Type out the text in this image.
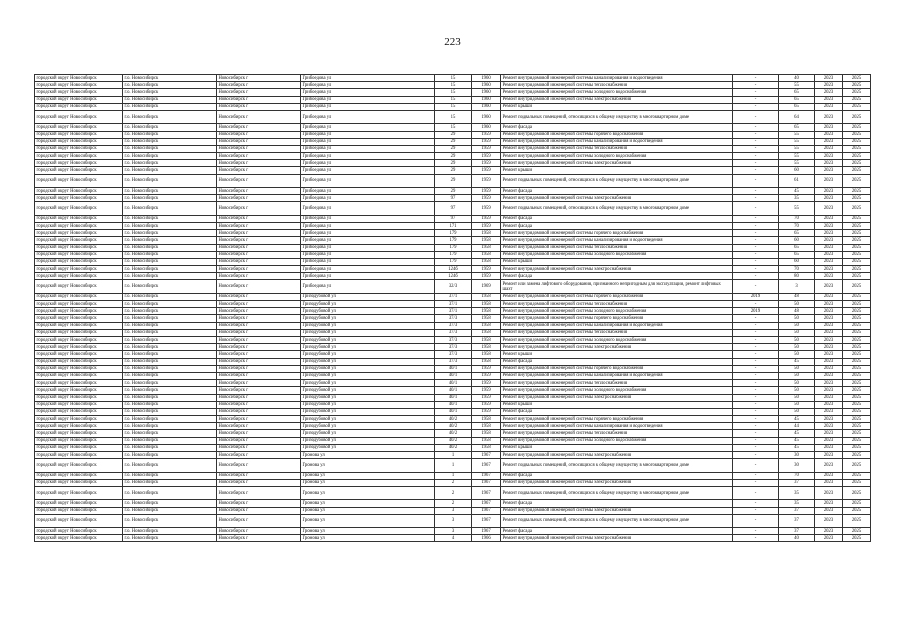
223
городской округ Новосибирск	г.о. Новосибирск	Новосибирск г	Грибоедова ул	15	1960	Ремонт внутридомовой инженерной системы канализирования и водоотведения	-	40	2023	2025
городской округ Новосибирск	г.о. Новосибирск	Новосибирск г	Грибоедова ул	15	1960	Ремонт внутридомовой инженерной системы теплоснабжения	-	55	2023	2025
городской округ Новосибирск	г.о. Новосибирск	Новосибирск г	Грибоедова ул	15	1960	Ремонт внутридомовой инженерной системы холодного водоснабжения	-	65	2023	2025
городской округ Новосибирск	г.о. Новосибирск	Новосибирск г	Грибоедова ул	15	1960	Ремонт внутридомовой инженерной системы электроснабжения	-	65	2023	2025
городской округ Новосибирск	г.о. Новосибирск	Новосибирск г	Грибоедова ул	15	1960	Ремонт крыши	-	65	2023	2025
городской округ Новосибирск	г.о. Новосибирск	Новосибирск г	Грибоедова ул	15	1960	Ремонт подвальных помещений, относящихся к общему имуществу в многоквартирном доме	-	64	2023	2025
городской округ Новосибирск	г.о. Новосибирск	Новосибирск г	Грибоедова ул	15	1960	Ремонт фасада	-	65	2023	2025
городской округ Новосибирск	г.о. Новосибирск	Новосибирск г	Грибоедова ул	29	1959	Ремонт внутридомовой инженерной системы горячего водоснабжения	-	55	2023	2025
городской округ Новосибирск	г.о. Новосибирск	Новосибирск г	Грибоедова ул	29	1959	Ремонт внутридомовой инженерной системы канализирования и водоотведения	-	55	2023	2025
городской округ Новосибирск	г.о. Новосибирск	Новосибирск г	Грибоедова ул	29	1959	Ремонт внутридомовой инженерной системы теплоснабжения	-	55	2023	2025
городской округ Новосибирск	г.о. Новосибирск	Новосибирск г	Грибоедова ул	29	1959	Ремонт внутридомовой инженерной системы холодного водоснабжения	-	55	2023	2025
городской округ Новосибирск	г.о. Новосибирск	Новосибирск г	Грибоедова ул	29	1959	Ремонт внутридомовой инженерной системы электроснабжения	-	55	2023	2025
городской округ Новосибирск	г.о. Новосибирск	Новосибирск г	Грибоедова ул	29	1959	Ремонт крыши	-	60	2023	2025
городской округ Новосибирск	г.о. Новосибирск	Новосибирск г	Грибоедова ул	29	1959	Ремонт подвальных помещений, относящихся к общему имуществу в многоквартирном доме	-	61	2023	2025
городской округ Новосибирск	г.о. Новосибирск	Новосибирск г	Грибоедова ул	29	1959	Ремонт фасада	-	45	2023	2025
городской округ Новосибирск	г.о. Новосибирск	Новосибирск г	Грибоедова ул	97	1959	Ремонт внутридомовой инженерной системы электроснабжения	-	35	2023	2025
городской округ Новосибирск	г.о. Новосибирск	Новосибирск г	Грибоедова ул	97	1959	Ремонт подвальных помещений, относящихся к общему имуществу в многоквартирном доме	-	55	2023	2025
городской округ Новосибирск	г.о. Новосибирск	Новосибирск г	Грибоедова ул	97	1959	Ремонт фасада	-	70	2023	2025
городской округ Новосибирск	г.о. Новосибирск	Новосибирск г	Грибоедова ул	171	1959	Ремонт фасада	-	70	2023	2025
городской округ Новосибирск	г.о. Новосибирск	Новосибирск г	Грибоедова ул	179	1958	Ремонт внутридомовой инженерной системы горячего водоснабжения	-	65	2023	2025
городской округ Новосибирск	г.о. Новосибирск	Новосибирск г	Грибоедова ул	179	1958	Ремонт внутридомовой инженерной системы канализирования и водоотведения	-	60	2023	2025
городской округ Новосибирск	г.о. Новосибирск	Новосибирск г	Грибоедова ул	179	1958	Ремонт внутридомовой инженерной системы теплоснабжения	-	65	2023	2025
городской округ Новосибирск	г.о. Новосибирск	Новосибирск г	Грибоедова ул	179	1958	Ремонт внутридомовой инженерной системы холодного водоснабжения	-	65	2023	2025
городской округ Новосибирск	г.о. Новосибирск	Новосибирск г	Грибоедова ул	179	1958	Ремонт крыши	-	60	2023	2025
городской округ Новосибирск	г.о. Новосибирск	Новосибирск г	Грибоедова ул	124б	1959	Ремонт внутридомовой инженерной системы электроснабжения	-	70	2023	2025
городской округ Новосибирск	г.о. Новосибирск	Новосибирск г	Грибоедова ул	124б	1959	Ремонт фасада	-	80	2023	2025
городской округ Новосибирск	г.о. Новосибирск	Новосибирск г	Грибоедова ул	32/3	1969	Ремонт или замена лифтового оборудования, признанного непригодным для эксплуатации, ремонт лифтовых шахт	-	3	2023	2025
городской округ Новосибирск	г.о. Новосибирск	Новосибирск г	Гризодубовой ул	37/1	1958	Ремонт внутридомовой инженерной системы горячего водоснабжения	2019	48	2023	2025
городской округ Новосибирск	г.о. Новосибирск	Новосибирск г	Гризодубовой ул	37/1	1958	Ремонт внутридомовой инженерной системы теплоснабжения	-	50	2023	2025
городской округ Новосибирск	г.о. Новосибирск	Новосибирск г	Гризодубовой ул	37/1	1958	Ремонт внутридомовой инженерной системы холодного водоснабжения	2019	48	2023	2025
городской округ Новосибирск	г.о. Новосибирск	Новосибирск г	Гризодубовой ул	37/3	1958	Ремонт внутридомовой инженерной системы горячего водоснабжения	-	50	2023	2025
городской округ Новосибирск	г.о. Новосибирск	Новосибирск г	Гризодубовой ул	37/3	1958	Ремонт внутридомовой инженерной системы канализирования и водоотведения	-	50	2023	2025
городской округ Новосибирск	г.о. Новосибирск	Новосибирск г	Гризодубовой ул	37/3	1958	Ремонт внутридомовой инженерной системы теплоснабжения	-	50	2023	2025
городской округ Новосибирск	г.о. Новосибирск	Новосибирск г	Гризодубовой ул	37/3	1958	Ремонт внутридомовой инженерной системы холодного водоснабжения	-	50	2023	2025
городской округ Новосибирск	г.о. Новосибирск	Новосибирск г	Гризодубовой ул	37/3	1958	Ремонт внутридомовой инженерной системы электроснабжения	-	50	2023	2025
городской округ Новосибирск	г.о. Новосибирск	Новосибирск г	Гризодубовой ул	37/3	1958	Ремонт крыши	-	50	2023	2025
городской округ Новосибирск	г.о. Новосибирск	Новосибирск г	Гризодубовой ул	37/3	1958	Ремонт фасада	-	45	2023	2025
городской округ Новосибирск	г.о. Новосибирск	Новосибирск г	Гризодубовой ул	40/1	1959	Ремонт внутридомовой инженерной системы горячего водоснабжения	-	50	2023	2025
городской округ Новосибирск	г.о. Новосибирск	Новосибирск г	Гризодубовой ул	40/1	1959	Ремонт внутридомовой инженерной системы канализирования и водоотведения	-	50	2023	2025
городской округ Новосибирск	г.о. Новосибирск	Новосибирск г	Гризодубовой ул	40/1	1959	Ремонт внутридомовой инженерной системы теплоснабжения	-	50	2023	2025
городской округ Новосибирск	г.о. Новосибирск	Новосибирск г	Гризодубовой ул	40/1	1959	Ремонт внутридомовой инженерной системы холодного водоснабжения	-	50	2023	2025
городской округ Новосибирск	г.о. Новосибирск	Новосибирск г	Гризодубовой ул	40/1	1959	Ремонт внутридомовой инженерной системы электроснабжения	-	50	2023	2025
городской округ Новосибирск	г.о. Новосибирск	Новосибирск г	Гризодубовой ул	40/1	1959	Ремонт крыши	-	50	2023	2025
городской округ Новосибирск	г.о. Новосибирск	Новосибирск г	Гризодубовой ул	40/1	1959	Ремонт фасада	-	50	2023	2025
городской округ Новосибирск	г.о. Новосибирск	Новосибирск г	Гризодубовой ул	40/2	1958	Ремонт внутридомовой инженерной системы горячего водоснабжения	-	45	2023	2025
городской округ Новосибирск	г.о. Новосибирск	Новосибирск г	Гризодубовой ул	40/2	1958	Ремонт внутридомовой инженерной системы канализирования и водоотведения	-	44	2023	2025
городской округ Новосибирск	г.о. Новосибирск	Новосибирск г	Гризодубовой ул	40/2	1958	Ремонт внутридомовой инженерной системы теплоснабжения	-	45	2023	2025
городской округ Новосибирск	г.о. Новосибирск	Новосибирск г	Гризодубовой ул	40/2	1958	Ремонт внутридомовой инженерной системы холодного водоснабжения	-	45	2023	2025
городской округ Новосибирск	г.о. Новосибирск	Новосибирск г	Гризодубовой ул	40/2	1958	Ремонт крыши	-	45	2023	2025
городской округ Новосибирск	г.о. Новосибирск	Новосибирск г	Громова ул	1	1967	Ремонт внутридомовой инженерной системы электроснабжения	-	30	2023	2025
городской округ Новосибирск	г.о. Новосибирск	Новосибирск г	Громова ул	1	1967	Ремонт подвальных помещений, относящихся к общему имуществу в многоквартирном доме	-	30	2023	2025
городской округ Новосибирск	г.о. Новосибирск	Новосибирск г	Громова ул	1	1967	Ремонт фасада	-	70	2023	2025
городской округ Новосибирск	г.о. Новосибирск	Новосибирск г	Громова ул	2	1967	Ремонт внутридомовой инженерной системы электроснабжения	-	37	2023	2025
городской округ Новосибирск	г.о. Новосибирск	Новосибирск г	Громова ул	2	1967	Ремонт подвальных помещений, относящихся к общему имуществу в многоквартирном доме	-	35	2023	2025
городской округ Новосибирск	г.о. Новосибирск	Новосибирск г	Громова ул	2	1967	Ремонт фасада	-	35	2023	2025
городской округ Новосибирск	г.о. Новосибирск	Новосибирск г	Громова ул	3	1967	Ремонт внутридомовой инженерной системы электроснабжения	-	37	2023	2025
городской округ Новосибирск	г.о. Новосибирск	Новосибирск г	Громова ул	3	1967	Ремонт подвальных помещений, относящихся к общему имуществу в многоквартирном доме	-	37	2023	2025
городской округ Новосибирск	г.о. Новосибирск	Новосибирск г	Громова ул	3	1967	Ремонт фасада	-	37	2023	2025
городской округ Новосибирск	г.о. Новосибирск	Новосибирск г	Громова ул	4	1966	Ремонт внутридомовой инженерной системы электроснабжения	-	40	2023	2025
